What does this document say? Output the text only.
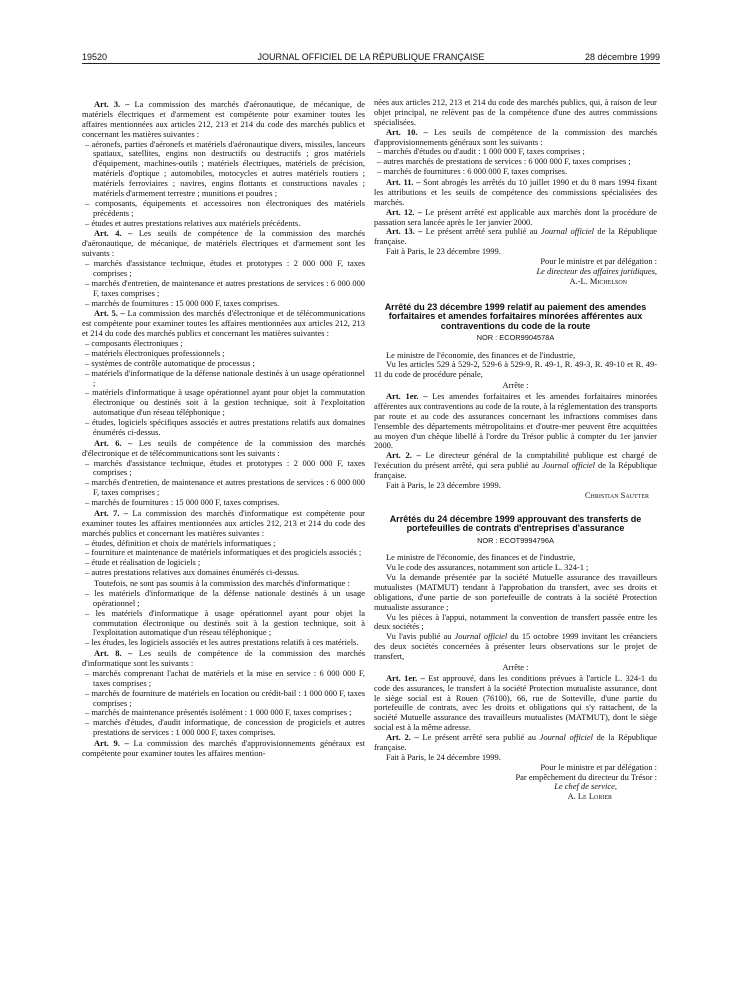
19520	JOURNAL OFFICIEL DE LA RÉPUBLIQUE FRANÇAISE	28 décembre 1999

Art. 3. – La commission des marchés d'aéronautique, de mécanique, de matériels électriques et d'armement est compétente pour examiner toutes les affaires mentionnées aux articles 212, 213 et 214 du code des marchés publics et concernant les matières suivantes :

– aéronefs, parties d'aéronefs et matériels d'aéronautique divers, missiles, lanceurs spatiaux, satellites, engins non destructifs ou destructifs ; gros matériels d'équipement, machines-outils ; matériels électriques, matériels de précision, matériels d'optique ; automobiles, motocycles et autres matériels routiers ; matériels ferroviaires ; navires, engins flottants et constructions navales ; matériels d'armement terrestre ; munitions et poudres ;
– composants, équipements et accessoires non électroniques des matériels précédents ;
– études et autres prestations relatives aux matériels précédents.

Art. 4. – Les seuils de compétence de la commission des marchés d'aéronautique, de mécanique, de matériels électriques et d'armement sont les suivants :

– marchés d'assistance technique, études et prototypes : 2 000 000 F, taxes comprises ;
– marchés d'entretien, de maintenance et autres prestations de services : 6 000 000 F, taxes comprises ;
– marchés de fournitures : 15 000 000 F, taxes comprises.

Art. 5. – La commission des marchés d'électronique et de télécommunications est compétente pour examiner toutes les affaires mentionnées aux articles 212, 213 et 214 du code des marchés publics et concernant les matières suivantes :

– composants électroniques ;
– matériels électroniques professionnels ;
– systèmes de contrôle automatique de processus ;
– matériels d'informatique de la défense nationale destinés à un usage opérationnel ;
– matériels d'informatique à usage opérationnel ayant pour objet la commutation électronique ou destinés soit à la gestion technique, soit à l'exploitation automatique d'un réseau téléphonique ;
– études, logiciels spécifiques associés et autres prestations relatifs aux domaines énumérés ci-dessus.

Art. 6. – Les seuils de compétence de la commission des marchés d'électronique et de télécommunications sont les suivants :

– marchés d'assistance technique, études et prototypes : 2 000 000 F, taxes comprises ;
– marchés d'entretien, de maintenance et autres prestations de services : 6 000 000 F, taxes comprises ;
– marchés de fournitures : 15 000 000 F, taxes comprises.

Art. 7. – La commission des marchés d'informatique est compétente pour examiner toutes les affaires mentionnées aux articles 212, 213 et 214 du code des marchés publics et concernant les matières suivantes :

– études, définition et choix de matériels informatiques ;
– fourniture et maintenance de matériels informatiques et des progiciels associés ;
– étude et réalisation de logiciels ;
– autres prestations relatives aux domaines énumérés ci-dessus.

Toutefois, ne sont pas soumis à la commission des marchés d'informatique :

– les matériels d'informatique de la défense nationale destinés à un usage opérationnel ;
– les matériels d'informatique à usage opérationnel ayant pour objet la commutation électronique ou destinés soit à la gestion technique, soit à l'exploitation automatique d'un réseau téléphonique ;
– les études, les logiciels associés et les autres prestations relatifs à ces matériels.

Art. 8. – Les seuils de compétence de la commission des marchés d'informatique sont les suivants :

– marchés comprenant l'achat de matériels et la mise en service : 6 000 000 F, taxes comprises ;
– marchés de fourniture de matériels en location ou crédit-bail : 1 000 000 F, taxes comprises ;
– marchés de maintenance présentés isolément : 1 000 000 F, taxes comprises ;
– marchés d'études, d'audit informatique, de concession de progiciels et autres prestations de services : 1 000 000 F, taxes comprises.

Art. 9. – La commission des marchés d'approvisionnements généraux est compétente pour examiner toutes les affaires mention-

nées aux articles 212, 213 et 214 du code des marchés publics, qui, à raison de leur objet principal, ne relèvent pas de la compétence d'une des autres commissions spécialisées.

Art. 10. – Les seuils de compétence de la commission des marchés d'approvisionnements généraux sont les suivants :

– marchés d'études ou d'audit : 1 000 000 F, taxes comprises ;
– autres marchés de prestations de services : 6 000 000 F, taxes comprises ;
– marchés de fournitures : 6 000 000 F, taxes comprises.

Art. 11. – Sont abrogés les arrêtés du 10 juillet 1990 et du 8 mars 1994 fixant les attributions et les seuils de compétence des commissions spécialisées des marchés.

Art. 12. – Le présent arrêté est applicable aux marchés dont la procédure de passation sera lancée après le 1er janvier 2000.

Art. 13. – Le présent arrêté sera publié au Journal officiel de la République française.

Fait à Paris, le 23 décembre 1999.

Pour le ministre et par délégation :

Le directeur des affaires juridiques,

A.-L. Michelson

Arrêté du 23 décembre 1999 relatif au paiement des amendes forfaitaires et amendes forfaitaires minorées afférentes aux contraventions du code de la route
NOR : ECOR9904578A

Le ministre de l'économie, des finances et de l'industrie,

Vu les articles 529 à 529-2, 529-6 à 529-9, R. 49-1, R. 49-3, R. 49-10 et R. 49-11 du code de procédure pénale,

Arrête :

Art. 1er. – Les amendes forfaitaires et les amendes forfaitaires minorées afférentes aux contraventions au code de la route, à la réglementation des transports par route et au code des assurances concernant les infractions commises dans l'ensemble des départements métropolitains et d'outre-mer peuvent être acquittées au moyen d'un chèque libellé à l'ordre du Trésor public à compter du 1er janvier 2000.

Art. 2. – Le directeur général de la comptabilité publique est chargé de l'exécution du présent arrêté, qui sera publié au Journal officiel de la République française.

Fait à Paris, le 23 décembre 1999.

Christian Sautter

Arrêtés du 24 décembre 1999 approuvant des transferts de portefeuilles de contrats d'entreprises d'assurance
NOR : ECOT9994796A

Le ministre de l'économie, des finances et de l'industrie,

Vu le code des assurances, notamment son article L. 324-1 ;

Vu la demande présentée par la société Mutuelle assurance des travailleurs mutualistes (MATMUT) tendant à l'approbation du transfert, avec ses droits et obligations, d'une partie de son portefeuille de contrats à la société Protection mutualiste assurance ;

Vu les pièces à l'appui, notamment la convention de transfert passée entre les deux sociétés ;

Vu l'avis publié au Journal officiel du 15 octobre 1999 invitant les créanciers des deux sociétés concernées à présenter leurs observations sur le projet de transfert,

Arrête :

Art. 1er. – Est approuvé, dans les conditions prévues à l'article L. 324-1 du code des assurances, le transfert à la société Protection mutualiste assurance, dont le siège social est à Rouen (76100), 66, rue de Sotteville, d'une partie du portefeuille de contrats, avec les droits et obligations qui s'y rattachent, de la société Mutuelle assurance des travailleurs mutualistes (MATMUT), dont le siège social est à la même adresse.

Art. 2. – Le présent arrêté sera publié au Journal officiel de la République française.

Fait à Paris, le 24 décembre 1999.

Pour le ministre et par délégation :

Par empêchement du directeur du Trésor :

Le chef de service,

A. Le Lorier
